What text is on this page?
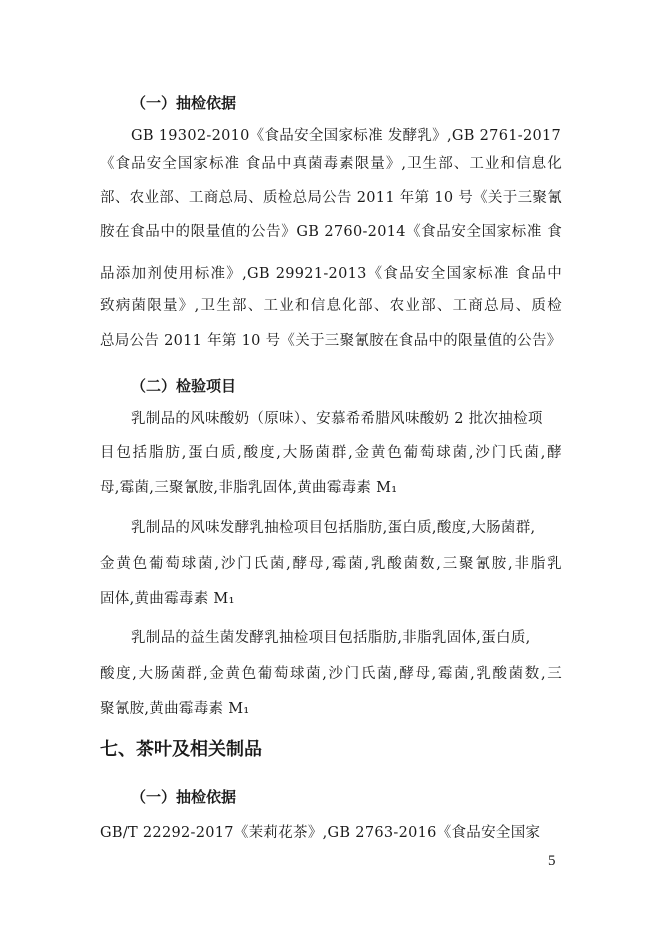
（一）抽检依据
GB 19302-2010《食品安全国家标准 发酵乳》,GB 2761-2017
《食品安全国家标准 食品中真菌毒素限量》,卫生部、工业和信息化
部、农业部、工商总局、质检总局公告 2011 年第 10 号《关于三聚氰
胺在食品中的限量值的公告》GB 2760-2014《食品安全国家标准 食
品添加剂使用标准》,GB 29921-2013《食品安全国家标准 食品中
致病菌限量》,卫生部、工业和信息化部、农业部、工商总局、质检
总局公告 2011 年第 10 号《关于三聚氰胺在食品中的限量值的公告》
（二）检验项目
乳制品的风味酸奶（原味）、安慕希希腊风味酸奶 2 批次抽检项
目包括脂肪,蛋白质,酸度,大肠菌群,金黄色葡萄球菌,沙门氏菌,酵
母,霉菌,三聚氰胺,非脂乳固体,黄曲霉毒素 M₁
乳制品的风味发酵乳抽检项目包括脂肪,蛋白质,酸度,大肠菌群,
金黄色葡萄球菌,沙门氏菌,酵母,霉菌,乳酸菌数,三聚氰胺,非脂乳
固体,黄曲霉毒素 M₁
乳制品的益生菌发酵乳抽检项目包括脂肪,非脂乳固体,蛋白质,
酸度,大肠菌群,金黄色葡萄球菌,沙门氏菌,酵母,霉菌,乳酸菌数,三
聚氰胺,黄曲霉毒素 M₁
七、茶叶及相关制品
（一）抽检依据
GB/T 22292-2017《茉莉花茶》,GB 2763-2016《食品安全国家
5
